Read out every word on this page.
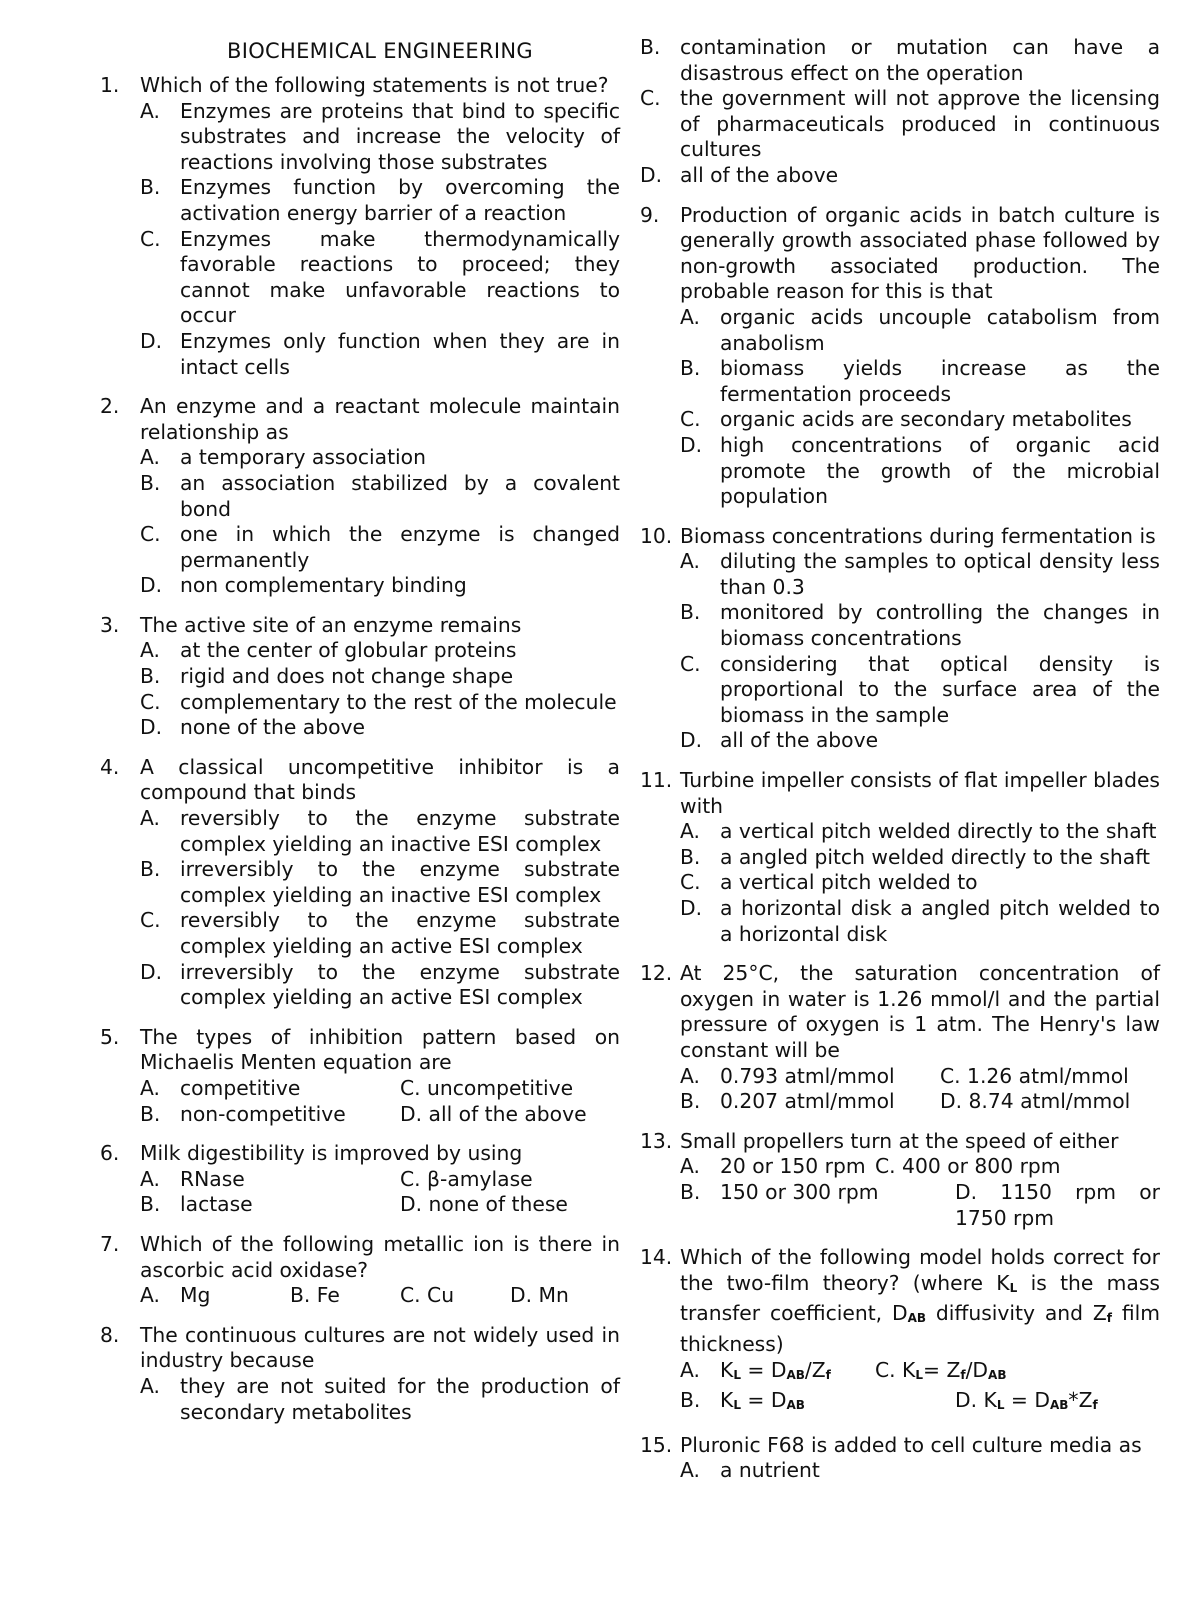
BIOCHEMICAL ENGINEERING
1. Which of the following statements is not true?
A. Enzymes are proteins that bind to specific substrates and increase the velocity of reactions involving those substrates
B. Enzymes function by overcoming the activation energy barrier of a reaction
C. Enzymes make thermodynamically favorable reactions to proceed; they cannot make unfavorable reactions to occur
D. Enzymes only function when they are in intact cells
2. An enzyme and a reactant molecule maintain relationship as
A. a temporary association
B. an association stabilized by a covalent bond
C. one in which the enzyme is changed permanently
D. non complementary binding
3. The active site of an enzyme remains
A. at the center of globular proteins
B. rigid and does not change shape
C. complementary to the rest of the molecule
D. none of the above
4. A classical uncompetitive inhibitor is a compound that binds
A. reversibly to the enzyme substrate complex yielding an inactive ESI complex
B. irreversibly to the enzyme substrate complex yielding an inactive ESI complex
C. reversibly to the enzyme substrate complex yielding an active ESI complex
D. irreversibly to the enzyme substrate complex yielding an active ESI complex
5. The types of inhibition pattern based on Michaelis Menten equation are
A. competitive	C. uncompetitive
B. non-competitive	D. all of the above
6. Milk digestibility is improved by using
A. RNase	C. β-amylase
B. lactase	D. none of these
7. Which of the following metallic ion is there in ascorbic acid oxidase?
A. Mg	B. Fe	C. Cu	D. Mn
8. The continuous cultures are not widely used in industry because
A. they are not suited for the production of secondary metabolites
B. contamination or mutation can have a disastrous effect on the operation
C. the government will not approve the licensing of pharmaceuticals produced in continuous cultures
D. all of the above
9. Production of organic acids in batch culture is generally growth associated phase followed by non-growth associated production. The probable reason for this is that
A. organic acids uncouple catabolism from anabolism
B. biomass yields increase as the fermentation proceeds
C. organic acids are secondary metabolites
D. high concentrations of organic acid promote the growth of the microbial population
10. Biomass concentrations during fermentation is
A. diluting the samples to optical density less than 0.3
B. monitored by controlling the changes in biomass concentrations
C. considering that optical density is proportional to the surface area of the biomass in the sample
D. all of the above
11. Turbine impeller consists of flat impeller blades with
A. a vertical pitch welded directly to the shaft
B. a angled pitch welded directly to the shaft
C. a vertical pitch welded to
D. a horizontal disk a angled pitch welded to a horizontal disk
12. At 25°C, the saturation concentration of oxygen in water is 1.26 mmol/l and the partial pressure of oxygen is 1 atm. The Henry's law constant will be
A. 0.793 atml/mmol	C. 1.26 atml/mmol
B. 0.207 atml/mmol	D. 8.74 atml/mmol
13. Small propellers turn at the speed of either
A. 20 or 150 rpm C. 400 or 800 rpm
B. 150 or 300 rpm	D. 1150 rpm or 1750 rpm
14. Which of the following model holds correct for the two-film theory? (where $K_L$ is the mass transfer coefficient, $D_{AB}$ diffusivity and $Z_f$ film thickness)
A. $K_L = D_{AB}/Z_f$	C. $K_L= Z_f/D_{AB}$
B. $K_L = D_{AB}$	D. $K_L = D_{AB}*Z_f$
15. Pluronic F68 is added to cell culture media as
A. a nutrient
